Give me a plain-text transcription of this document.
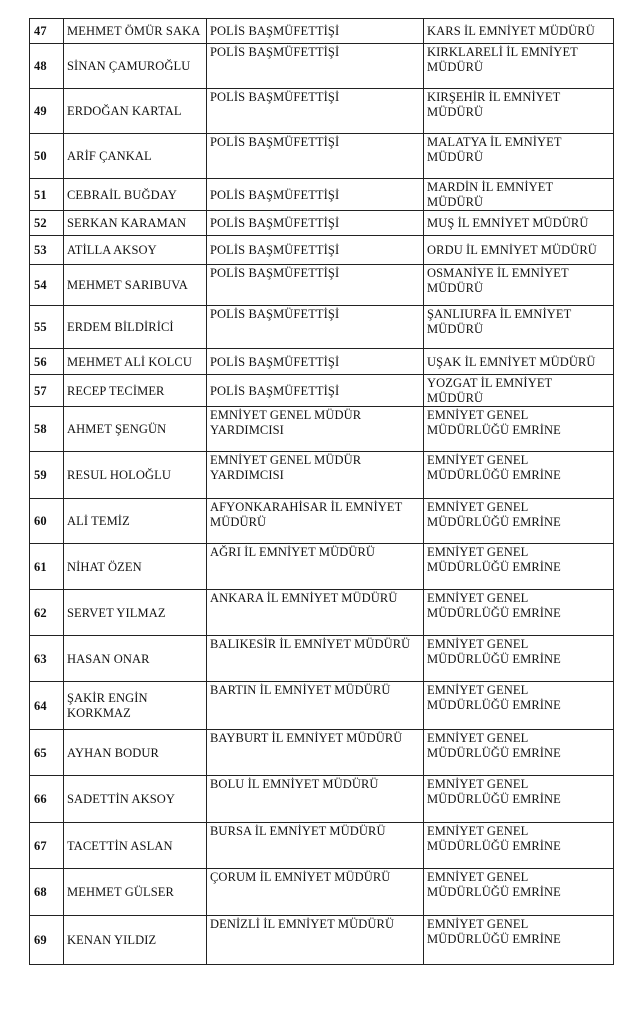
47	MEHMET ÖMÜR SAKA	POLİS BAŞMÜFETTİŞİ	KARS İL EMNİYET MÜDÜRÜ
48	SİNAN ÇAMUROĞLU	POLİS BAŞMÜFETTİŞİ	KIRKLARELİ İL EMNİYET MÜDÜRÜ
49	ERDOĞAN KARTAL	POLİS BAŞMÜFETTİŞİ	KIRŞEHİR İL EMNİYET MÜDÜRÜ
50	ARİF ÇANKAL	POLİS BAŞMÜFETTİŞİ	MALATYA İL EMNİYET MÜDÜRÜ
51	CEBRAİL BUĞDAY	POLİS BAŞMÜFETTİŞİ	MARDİN İL EMNİYET MÜDÜRÜ
52	SERKAN KARAMAN	POLİS BAŞMÜFETTİŞİ	MUŞ İL EMNİYET MÜDÜRÜ
53	ATİLLA AKSOY	POLİS BAŞMÜFETTİŞİ	ORDU İL EMNİYET MÜDÜRÜ
54	MEHMET SARIBUVA	POLİS BAŞMÜFETTİŞİ	OSMANİYE İL EMNİYET MÜDÜRÜ
55	ERDEM BİLDİRİCİ	POLİS BAŞMÜFETTİŞİ	ŞANLIURFA İL EMNİYET MÜDÜRÜ
56	MEHMET ALİ KOLCU	POLİS BAŞMÜFETTİŞİ	UŞAK İL EMNİYET MÜDÜRÜ
57	RECEP TECİMER	POLİS BAŞMÜFETTİŞİ	YOZGAT İL EMNİYET MÜDÜRÜ
58	AHMET ŞENGÜN	EMNİYET GENEL MÜDÜR YARDIMCISI	EMNİYET GENEL MÜDÜRLÜĞÜ EMRİNE
59	RESUL HOLOĞLU	EMNİYET GENEL MÜDÜR YARDIMCISI	EMNİYET GENEL MÜDÜRLÜĞÜ EMRİNE
60	ALİ TEMİZ	AFYONKARAHİSAR İL EMNİYET MÜDÜRÜ	EMNİYET GENEL MÜDÜRLÜĞÜ EMRİNE
61	NİHAT ÖZEN	AĞRI İL EMNİYET MÜDÜRÜ	EMNİYET GENEL MÜDÜRLÜĞÜ EMRİNE
62	SERVET YILMAZ	ANKARA İL EMNİYET MÜDÜRÜ	EMNİYET GENEL MÜDÜRLÜĞÜ EMRİNE
63	HASAN ONAR	BALIKESİR İL EMNİYET MÜDÜRÜ	EMNİYET GENEL MÜDÜRLÜĞÜ EMRİNE
64	ŞAKİR ENGİN KORKMAZ	BARTIN İL EMNİYET MÜDÜRÜ	EMNİYET GENEL MÜDÜRLÜĞÜ EMRİNE
65	AYHAN BODUR	BAYBURT İL EMNİYET MÜDÜRÜ	EMNİYET GENEL MÜDÜRLÜĞÜ EMRİNE
66	SADETTİN AKSOY	BOLU İL EMNİYET MÜDÜRÜ	EMNİYET GENEL MÜDÜRLÜĞÜ EMRİNE
67	TACETTİN ASLAN	BURSA İL EMNİYET MÜDÜRÜ	EMNİYET GENEL MÜDÜRLÜĞÜ EMRİNE
68	MEHMET GÜLSER	ÇORUM İL EMNİYET MÜDÜRÜ	EMNİYET GENEL MÜDÜRLÜĞÜ EMRİNE
69	KENAN YILDIZ	DENİZLİ İL EMNİYET MÜDÜRÜ	EMNİYET GENEL MÜDÜRLÜĞÜ EMRİNE
